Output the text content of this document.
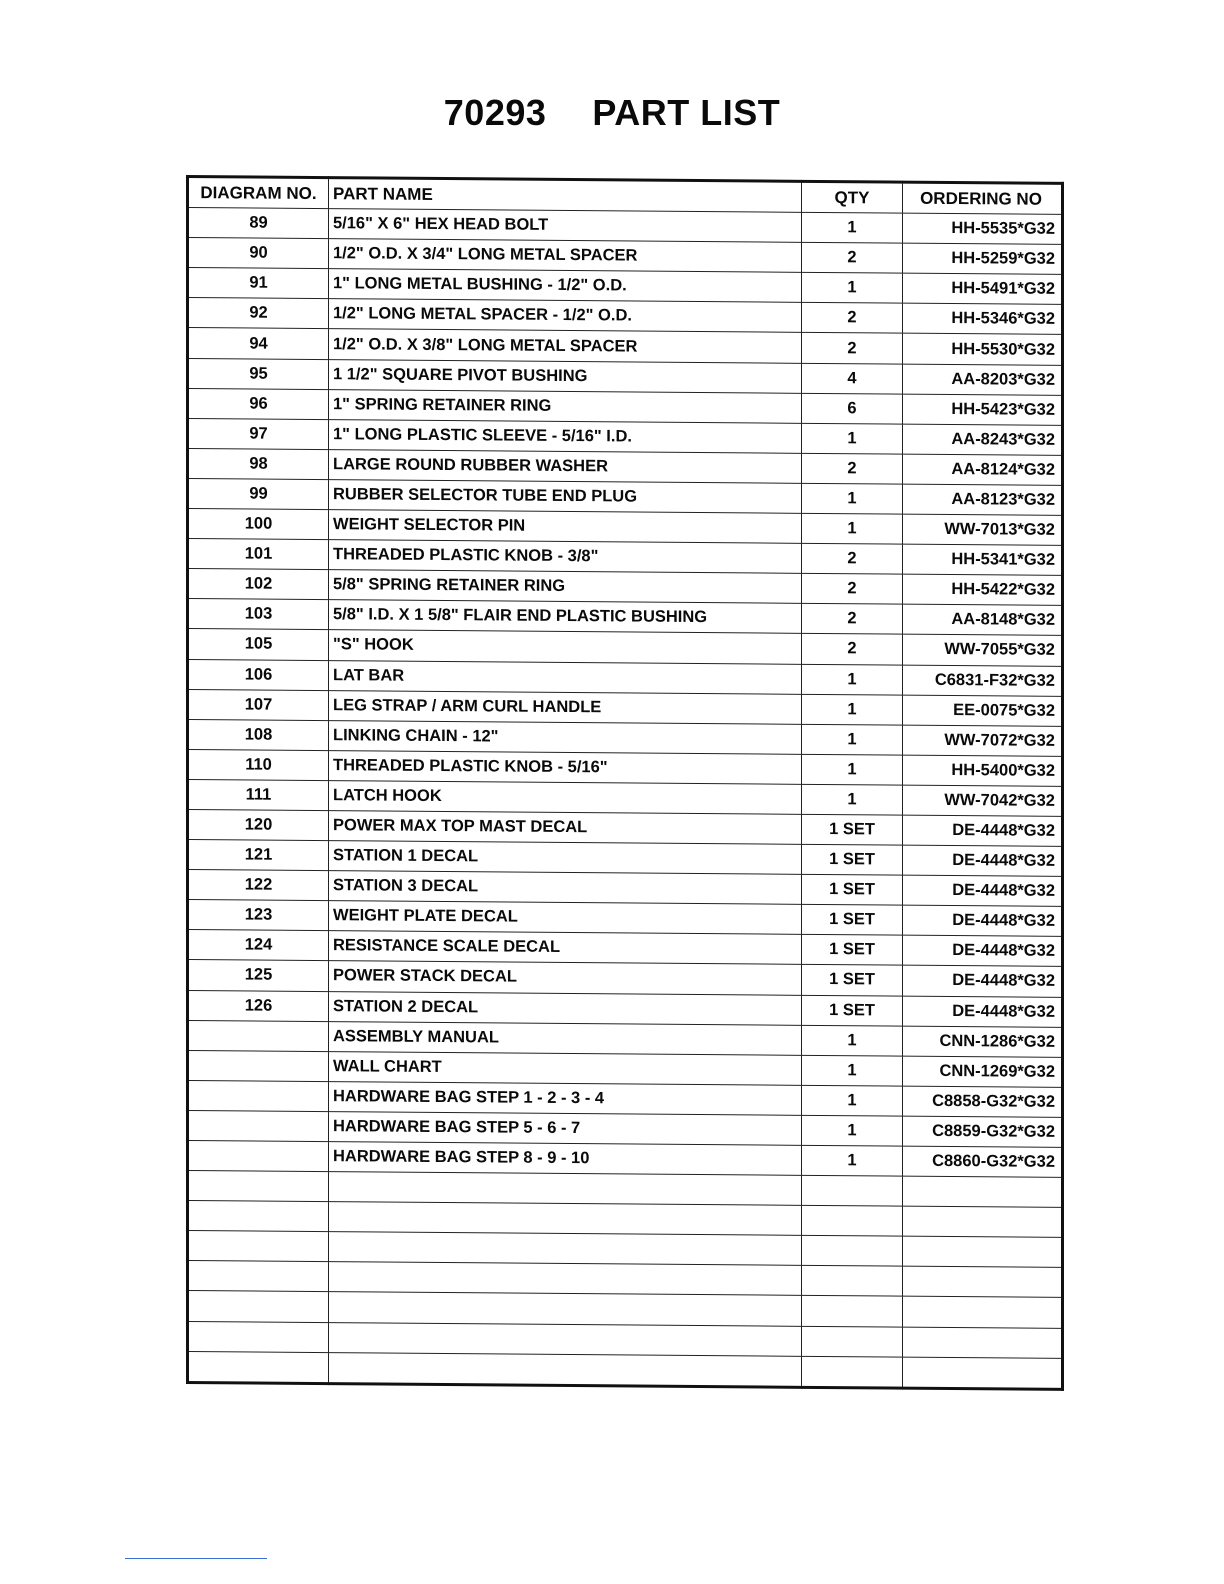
70293 PART LIST
DIAGRAM NO.	PART NAME	QTY	ORDERING NO
89	5/16" X 6" HEX HEAD BOLT	1	HH-5535*G32
90	1/2" O.D. X 3/4" LONG METAL SPACER	2	HH-5259*G32
91	1" LONG METAL BUSHING - 1/2" O.D.	1	HH-5491*G32
92	1/2" LONG METAL SPACER - 1/2" O.D.	2	HH-5346*G32
94	1/2" O.D. X 3/8" LONG METAL SPACER	2	HH-5530*G32
95	1 1/2" SQUARE PIVOT BUSHING	4	AA-8203*G32
96	1" SPRING RETAINER RING	6	HH-5423*G32
97	1" LONG PLASTIC SLEEVE - 5/16" I.D.	1	AA-8243*G32
98	LARGE ROUND RUBBER WASHER	2	AA-8124*G32
99	RUBBER SELECTOR TUBE END PLUG	1	AA-8123*G32
100	WEIGHT SELECTOR PIN	1	WW-7013*G32
101	THREADED PLASTIC KNOB - 3/8"	2	HH-5341*G32
102	5/8" SPRING RETAINER RING	2	HH-5422*G32
103	5/8" I.D. X 1 5/8" FLAIR END PLASTIC BUSHING	2	AA-8148*G32
105	"S" HOOK	2	WW-7055*G32
106	LAT BAR	1	C6831-F32*G32
107	LEG STRAP / ARM CURL HANDLE	1	EE-0075*G32
108	LINKING CHAIN - 12"	1	WW-7072*G32
110	THREADED PLASTIC KNOB - 5/16"	1	HH-5400*G32
111	LATCH HOOK	1	WW-7042*G32
120	POWER MAX TOP MAST DECAL	1 SET	DE-4448*G32
121	STATION 1 DECAL	1 SET	DE-4448*G32
122	STATION 3 DECAL	1 SET	DE-4448*G32
123	WEIGHT PLATE DECAL	1 SET	DE-4448*G32
124	RESISTANCE SCALE DECAL	1 SET	DE-4448*G32
125	POWER STACK DECAL	1 SET	DE-4448*G32
126	STATION 2 DECAL	1 SET	DE-4448*G32
	ASSEMBLY MANUAL	1	CNN-1286*G32
	WALL CHART	1	CNN-1269*G32
	HARDWARE BAG STEP 1 - 2 - 3 - 4	1	C8858-G32*G32
	HARDWARE BAG STEP 5 - 6 - 7	1	C8859-G32*G32
	HARDWARE BAG STEP 8 - 9 - 10	1	C8860-G32*G32
